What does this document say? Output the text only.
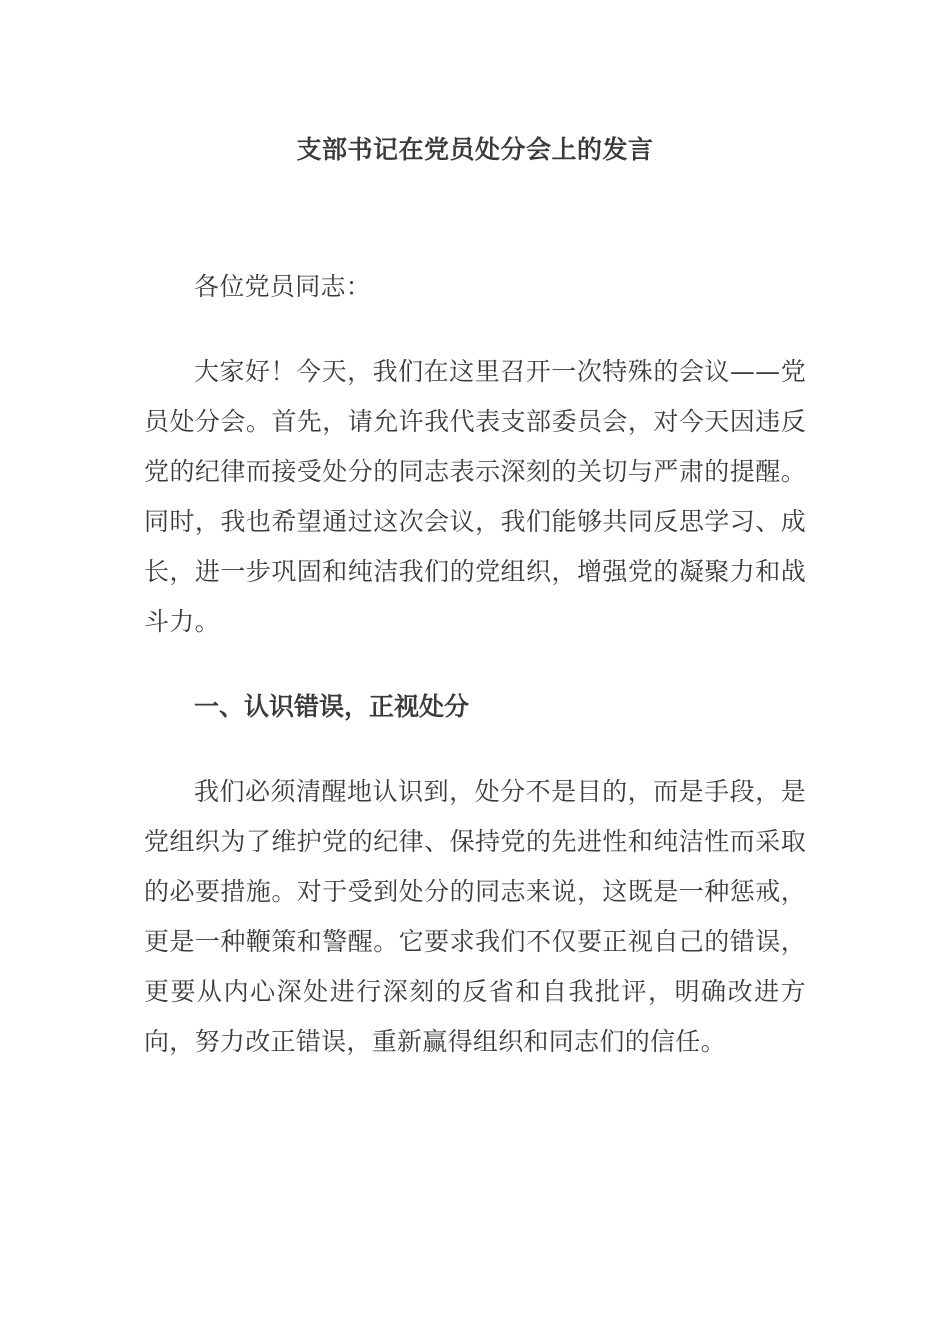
支部书记在党员处分会上的发言
各位党员同志：
大家好！今天，我们在这里召开一次特殊的会议——党员处分会。首先，请允许我代表支部委员会，对今天因违反党的纪律而接受处分的同志表示深刻的关切与严肃的提醒。同时，我也希望通过这次会议，我们能够共同反思学习、成长，进一步巩固和纯洁我们的党组织，增强党的凝聚力和战斗力。
一、认识错误，正视处分
我们必须清醒地认识到，处分不是目的，而是手段，是党组织为了维护党的纪律、保持党的先进性和纯洁性而采取的必要措施。对于受到处分的同志来说，这既是一种惩戒，更是一种鞭策和警醒。它要求我们不仅要正视自己的错误，更要从内心深处进行深刻的反省和自我批评，明确改进方向，努力改正错误，重新赢得组织和同志们的信任。
